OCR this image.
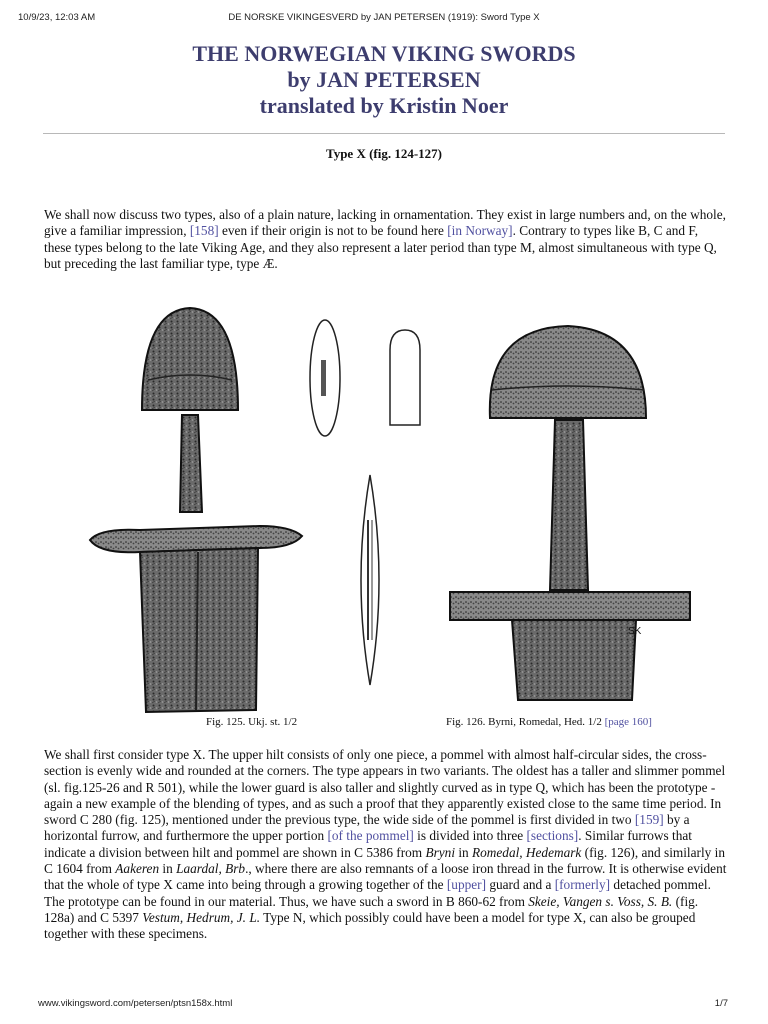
10/9/23, 12:03 AM	DE NORSKE VIKINGESVERD by JAN PETERSEN (1919): Sword Type X
THE NORWEGIAN VIKING SWORDS
by JAN PETERSEN
translated by Kristin Noer
Type X (fig. 124-127)
We shall now discuss two types, also of a plain nature, lacking in ornamentation. They exist in large numbers and, on the whole, give a familiar impression, [158] even if their origin is not to be found here [in Norway]. Contrary to types like B, C and F, these types belong to the late Viking Age, and they also represent a later period than type M, almost simultaneous with type Q, but preceding the last familiar type, type Æ.
SK
Fig. 125. Ukj. st. 1/2	Fig. 126. Byrni, Romedal, Hed. 1/2 [page 160]
We shall first consider type X. The upper hilt consists of only one piece, a pommel with almost half-circular sides, the cross-section is evenly wide and rounded at the corners. The type appears in two variants. The oldest has a taller and slimmer pommel (sl. fig.125-26 and R 501), while the lower guard is also taller and slightly curved as in type Q, which has been the prototype - again a new example of the blending of types, and as such a proof that they apparently existed close to the same time period. In sword C 280 (fig. 125), mentioned under the previous type, the wide side of the pommel is first divided in two [159] by a horizontal furrow, and furthermore the upper portion [of the pommel] is divided into three [sections]. Similar furrows that indicate a division between hilt and pommel are shown in C 5386 from Bryni in Romedal, Hedemark (fig. 126), and similarly in C 1604 from Aakeren in Laardal, Brb., where there are also remnants of a loose iron thread in the furrow. It is otherwise evident that the whole of type X came into being through a growing together of the [upper] guard and a [formerly] detached pommel. The prototype can be found in our material. Thus, we have such a sword in B 860-62 from Skeie, Vangen s. Voss, S. B. (fig. 128a) and C 5397 Vestum, Hedrum, J. L. Type N, which possibly could have been a model for type X, can also be grouped together with these specimens.
www.vikingsword.com/petersen/ptsn158x.html	1/7
